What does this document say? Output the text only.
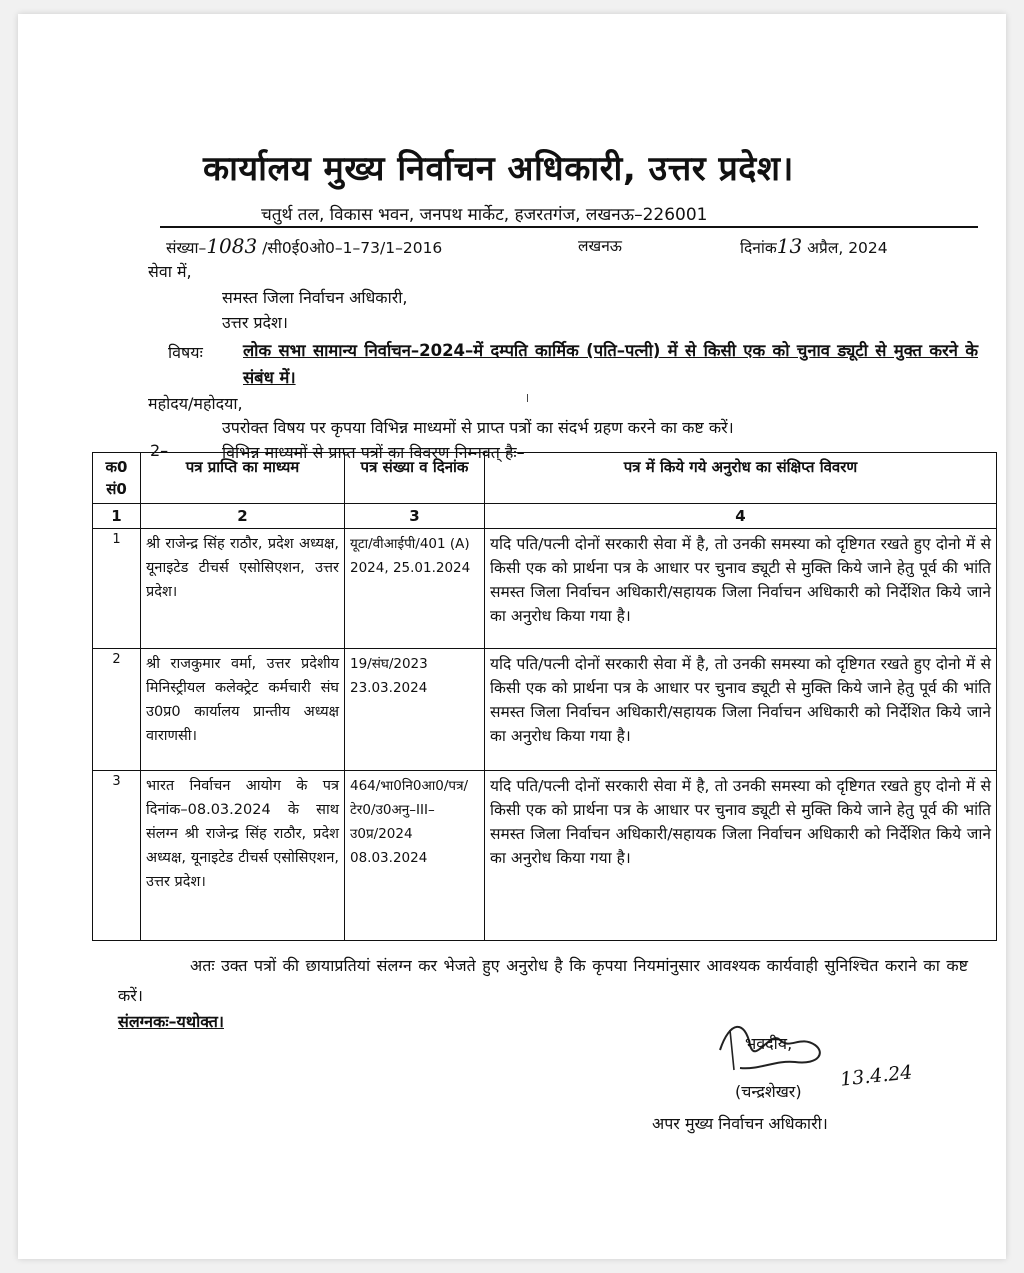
कार्यालय मुख्य निर्वाचन अधिकारी, उत्तर प्रदेश।
चतुर्थ तल, विकास भवन, जनपथ मार्केट, हजरतगंज, लखनऊ–226001
संख्या–1083 /सी0ई0ओ0–1–73/1–2016	लखनऊ	दिनांक13 अप्रैल, 2024
सेवा में,
समस्त जिला निर्वाचन अधिकारी,
उत्तर प्रदेश।
विषयः लोक सभा सामान्य निर्वाचन–2024–में दम्पति कार्मिक (पति–पत्नी) में से किसी एक को चुनाव ड्यूटी से मुक्त करने के संबंध में।
महोदय/महोदया,
उपरोक्त विषय पर कृपया विभिन्न माध्यमों से प्राप्त पत्रों का संदर्भ ग्रहण करने का कष्ट करें।
2–	विभिन्न माध्यमों से प्राप्त पत्रों का विवरण निम्नवत् हैः–
क0 सं0	पत्र प्राप्ति का माध्यम	पत्र संख्या व दिनांक	पत्र में किये गये अनुरोध का संक्षिप्त विवरण
1	2	3	4
1	श्री राजेन्द्र सिंह राठौर, प्रदेश अध्यक्ष, यूनाइटेड टीचर्स एसोसिएशन, उत्तर प्रदेश।	यूटा/वीआईपी/401 (A) 2024, 25.01.2024	यदि पति/पत्नी दोनों सरकारी सेवा में है, तो उनकी समस्या को दृष्टिगत रखते हुए दोनो में से किसी एक को प्रार्थना पत्र के आधार पर चुनाव ड्यूटी से मुक्ति किये जाने हेतु पूर्व की भांति समस्त जिला निर्वाचन अधिकारी/सहायक जिला निर्वाचन अधिकारी को निर्देशित किये जाने का अनुरोध किया गया है।
2	श्री राजकुमार वर्मा, उत्तर प्रदेशीय मिनिस्ट्रीयल कलेक्ट्रेट कर्मचारी संघ उ0प्र0 कार्यालय प्रान्तीय अध्यक्ष वाराणसी।	19/संघ/2023 23.03.2024	यदि पति/पत्नी दोनों सरकारी सेवा में है, तो उनकी समस्या को दृष्टिगत रखते हुए दोनो में से किसी एक को प्रार्थना पत्र के आधार पर चुनाव ड्यूटी से मुक्ति किये जाने हेतु पूर्व की भांति समस्त जिला निर्वाचन अधिकारी/सहायक जिला निर्वाचन अधिकारी को निर्देशित किये जाने का अनुरोध किया गया है।
3	भारत निर्वाचन आयोग के पत्र दिनांक–08.03.2024 के साथ संलग्न श्री राजेन्द्र सिंह राठौर, प्रदेश अध्यक्ष, यूनाइटेड टीचर्स एसोसिएशन, उत्तर प्रदेश।	464/भा0नि0आ0/पत्र/टेर0/उ0अनु–III–उ0प्र/2024 08.03.2024	यदि पति/पत्नी दोनों सरकारी सेवा में है, तो उनकी समस्या को दृष्टिगत रखते हुए दोनो में से किसी एक को प्रार्थना पत्र के आधार पर चुनाव ड्यूटी से मुक्ति किये जाने हेतु पूर्व की भांति समस्त जिला निर्वाचन अधिकारी/सहायक जिला निर्वाचन अधिकारी को निर्देशित किये जाने का अनुरोध किया गया है।
अतः उक्त पत्रों की छायाप्रतियां संलग्न कर भेजते हुए अनुरोध है कि कृपया नियमांनुसार आवश्यक कार्यवाही सुनिश्चित कराने का कष्ट करें।
संलग्नकः–यथोक्त।
भवदीय,
(चन्द्रशेखर)
13.4.24
अपर मुख्य निर्वाचन अधिकारी।
